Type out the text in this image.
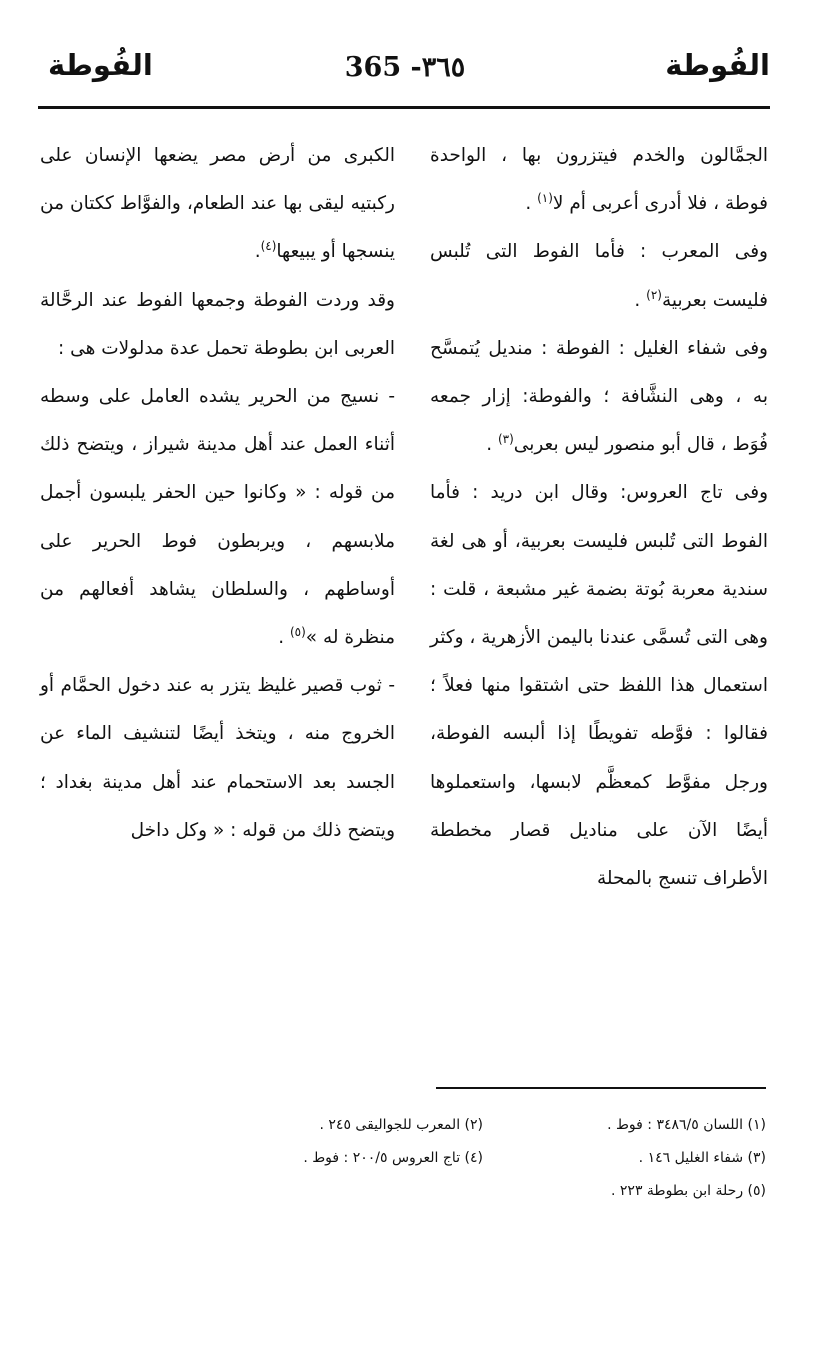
الفُوطة
365 -٣٦٥
الفُوطة

الجمَّالون والخدم فيتزرون بها ، الواحدة فوطة ، فلا أدرى أعربى أم لا$^{(١)}$ .

وفى المعرب : فأما الفوط التى تُلبس فليست بعربية$^{(٢)}$ .

وفى شفاء الغليل : الفوطة : منديل يُتمسَّح به ، وهى النشَّافة ؛ والفوطة: إزار جمعه فُوَط ، قال أبو منصور ليس بعربى$^{(٣)}$ .

وفى تاج العروس: وقال ابن دريد : فأما الفوط التى تُلبس فليست بعربية، أو هى لغة سندية معربة بُوتة بضمة غير مشبعة ، قلت : وهى التى تُسمَّى عندنا باليمن الأزهرية ، وكثر استعمال هذا اللفظ حتى اشتقوا منها فعلاً ؛ فقالوا : فوَّطه تفويطًا إذا ألبسه الفوطة، ورجل مفوَّط كمعظَّم لابسها، واستعملوها أيضًا الآن على مناديل قصار مخططة الأطراف تنسج بالمحلة

الكبرى من أرض مصر يضعها الإنسان على ركبتيه ليقى بها عند الطعام، والفوَّاط ككتان من ينسجها أو يبيعها$^{(٤)}$.

وقد وردت الفوطة وجمعها الفوط عند الرحَّالة العربى ابن بطوطة تحمل عدة مدلولات هى :

- نسيج من الحرير يشده العامل على وسطه أثناء العمل عند أهل مدينة شيراز ، ويتضح ذلك من قوله : « وكانوا حين الحفر يلبسون أجمل ملابسهم ، ويربطون فوط الحرير على أوساطهم ، والسلطان يشاهد أفعالهم من منظرة له »$^{(٥)}$ .

- ثوب قصير غليظ يتزر به عند دخول الحمَّام أو الخروج منه ، ويتخذ أيضًا لتنشيف الماء عن الجسد بعد الاستحمام عند أهل مدينة بغداد ؛ ويتضح ذلك من قوله : « وكل داخل

(١) اللسان ٣٤٨٦/٥ : فوط .
(٢) المعرب للجواليقى ٢٤٥ .
(٣) شفاء الغليل ١٤٦ .
(٤) تاج العروس ٢٠٠/٥ : فوط .
(٥) رحلة ابن بطوطة ٢٢٣ .
